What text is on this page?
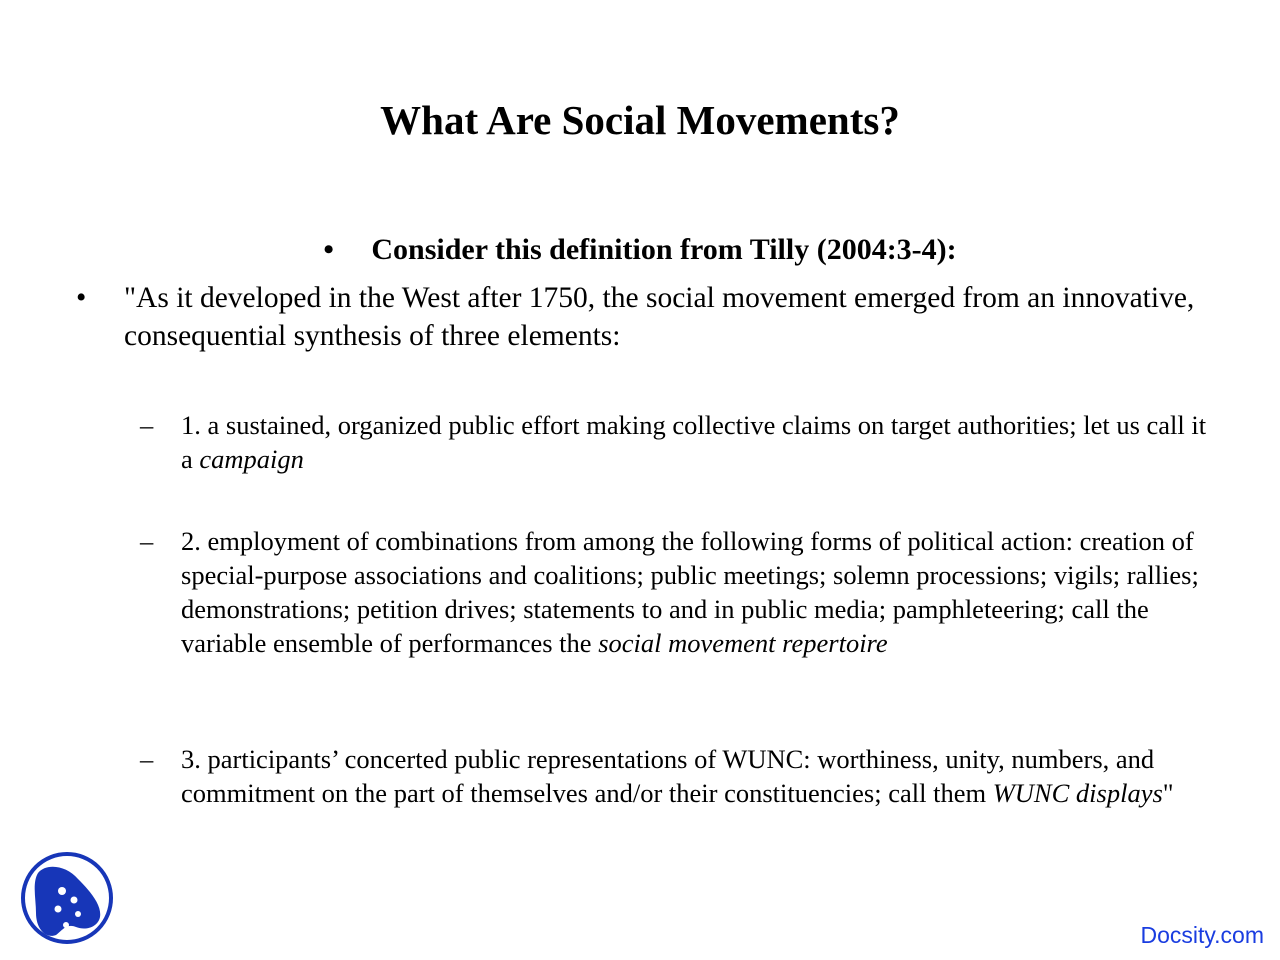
What Are Social Movements?
• Consider this definition from Tilly (2004:3-4):
• "As it developed in the West after 1750, the social movement emerged from an innovative, consequential synthesis of three elements:
– 1. a sustained, organized public effort making collective claims on target authorities; let us call it a campaign
– 2. employment of combinations from among the following forms of political action: creation of special-purpose associations and coalitions; public meetings; solemn processions; vigils; rallies; demonstrations; petition drives; statements to and in public media; pamphleteering; call the variable ensemble of performances the social movement repertoire
– 3. participants’ concerted public representations of WUNC: worthiness, unity, numbers, and commitment on the part of themselves and/or their constituencies; call them WUNC displays"
Docsity.com
